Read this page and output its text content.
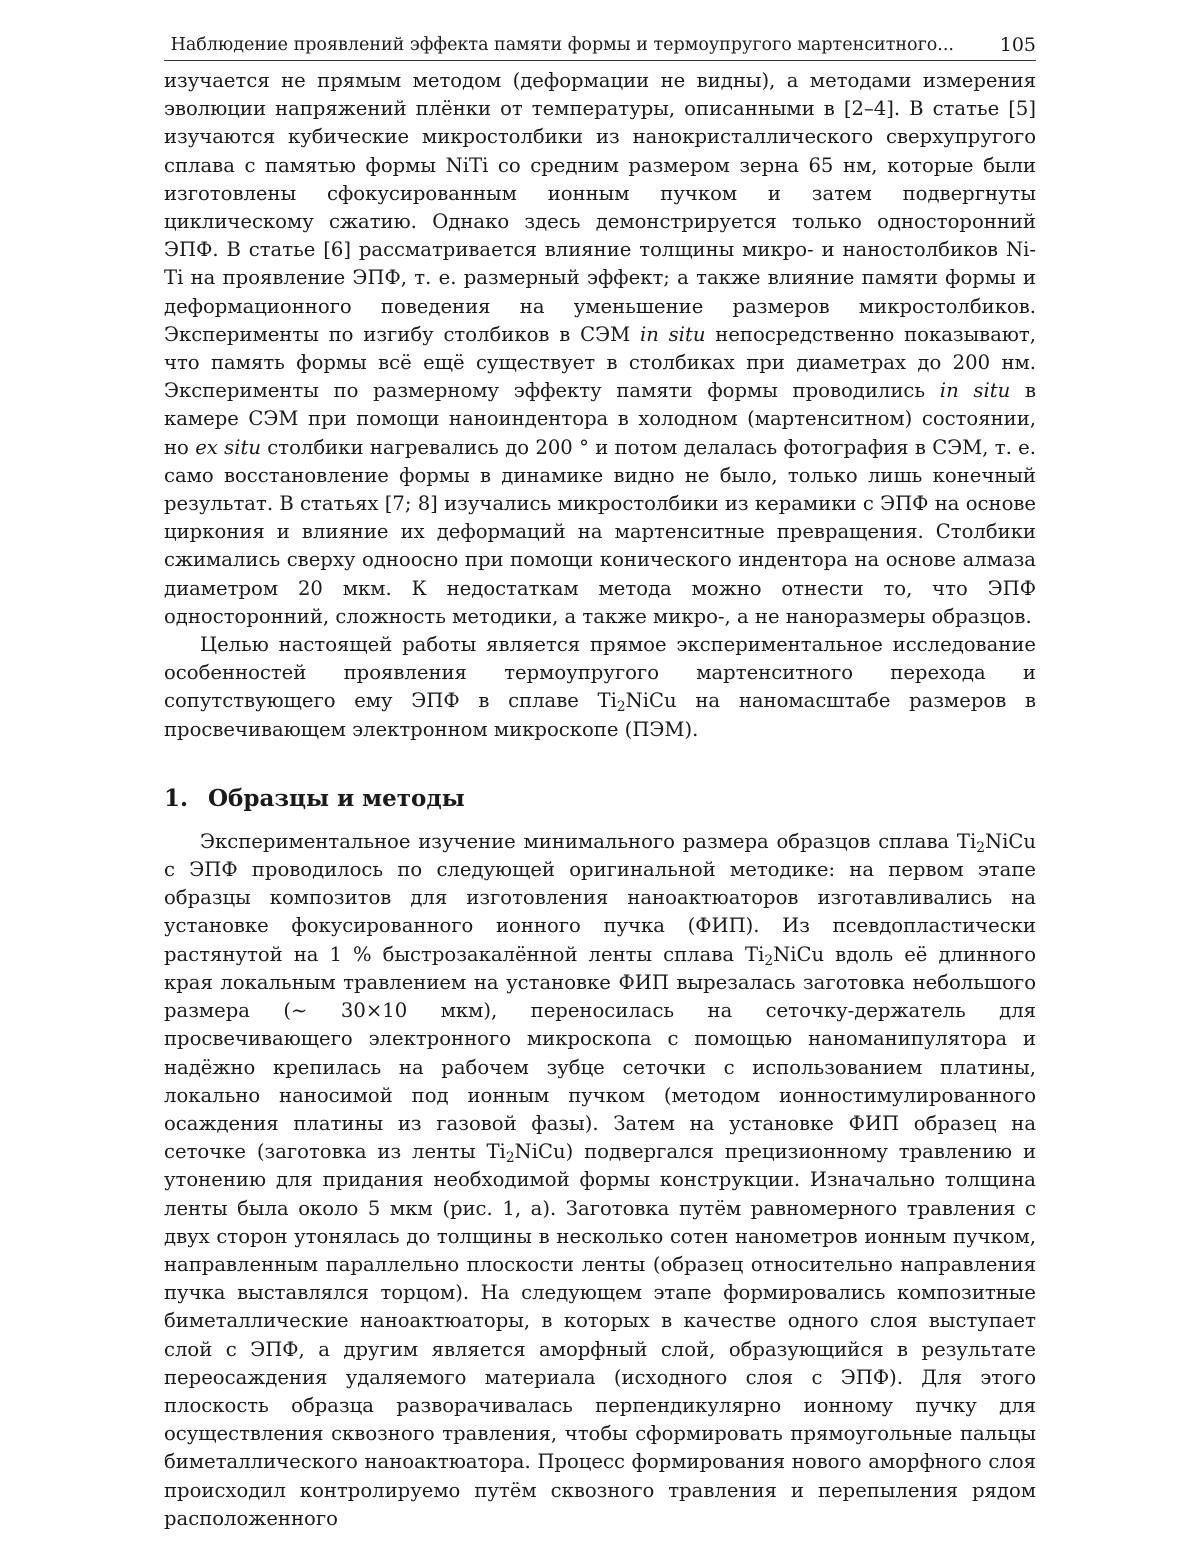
Наблюдение проявлений эффекта памяти формы и термоупругого мартенситного... 105

изучается не прямым методом (деформации не видны), а методами измерения эволюции напряжений плёнки от температуры, описанными в [2–4]. В статье [5] изучаются кубические микростолбики из нанокристаллического сверхупругого сплава с памятью формы NiTi со средним размером зерна 65 нм, которые были изготовлены сфокусированным ионным пучком и затем подвергнуты циклическому сжатию. Однако здесь демонстрируется только односторонний ЭПФ. В статье [6] рассматривается влияние толщины микро- и наностолбиков Ni-Ti на проявление ЭПФ, т. е. размерный эффект; а также влияние памяти формы и деформационного поведения на уменьшение размеров микростолбиков. Эксперименты по изгибу столбиков в СЭМ in situ непосредственно показывают, что память формы всё ещё существует в столбиках при диаметрах до 200 нм. Эксперименты по размерному эффекту памяти формы проводились in situ в камере СЭМ при помощи наноиндентора в холодном (мартенситном) состоянии, но ex situ столбики нагревались до 200 ° и потом делалась фотография в СЭМ, т. е. само восстановление формы в динамике видно не было, только лишь конечный результат. В статьях [7; 8] изучались микростолбики из керамики с ЭПФ на основе циркония и влияние их деформаций на мартенситные превращения. Столбики сжимались сверху одноосно при помощи конического индентора на основе алмаза диаметром 20 мкм. К недостаткам метода можно отнести то, что ЭПФ односторонний, сложность методики, а также микро-, а не наноразмеры образцов.

Целью настоящей работы является прямое экспериментальное исследование особенностей проявления термоупругого мартенситного перехода и сопутствующего ему ЭПФ в сплаве $Ti_2NiCu$ на наномасштабе размеров в просвечивающем электронном микроскопе (ПЭМ).

1. Образцы и методы

Экспериментальное изучение минимального размера образцов сплава $Ti_2NiCu$ с ЭПФ проводилось по следующей оригинальной методике: на первом этапе образцы композитов для изготовления наноактюаторов изготавливались на установке фокусированного ионного пучка (ФИП). Из псевдопластически растянутой на 1 % быстрозакалённой ленты сплава $Ti_2NiCu$ вдоль её длинного края локальным травлением на установке ФИП вырезалась заготовка небольшого размера (∼ 30×10 мкм), переносилась на сеточку-держатель для просвечивающего электронного микроскопа с помощью наноманипулятора и надёжно крепилась на рабочем зубце сеточки с использованием платины, локально наносимой под ионным пучком (методом ионностимулированного осаждения платины из газовой фазы). Затем на установке ФИП образец на сеточке (заготовка из ленты $Ti_2NiCu$) подвергался прецизионному травлению и утонению для придания необходимой формы конструкции. Изначально толщина ленты была около 5 мкм (рис. 1, а). Заготовка путём равномерного травления с двух сторон утонялась до толщины в несколько сотен нанометров ионным пучком, направленным параллельно плоскости ленты (образец относительно направления пучка выставлялся торцом). На следующем этапе формировались композитные биметаллические наноактюаторы, в которых в качестве одного слоя выступает слой с ЭПФ, а другим является аморфный слой, образующийся в результате переосаждения удаляемого материала (исходного слоя с ЭПФ). Для этого плоскость образца разворачивалась перпендикулярно ионному пучку для осуществления сквозного травления, чтобы сформировать прямоугольные пальцы биметаллического наноактюатора. Процесс формирования нового аморфного слоя происходил контролируемо путём сквозного травления и перепыления рядом расположенного
